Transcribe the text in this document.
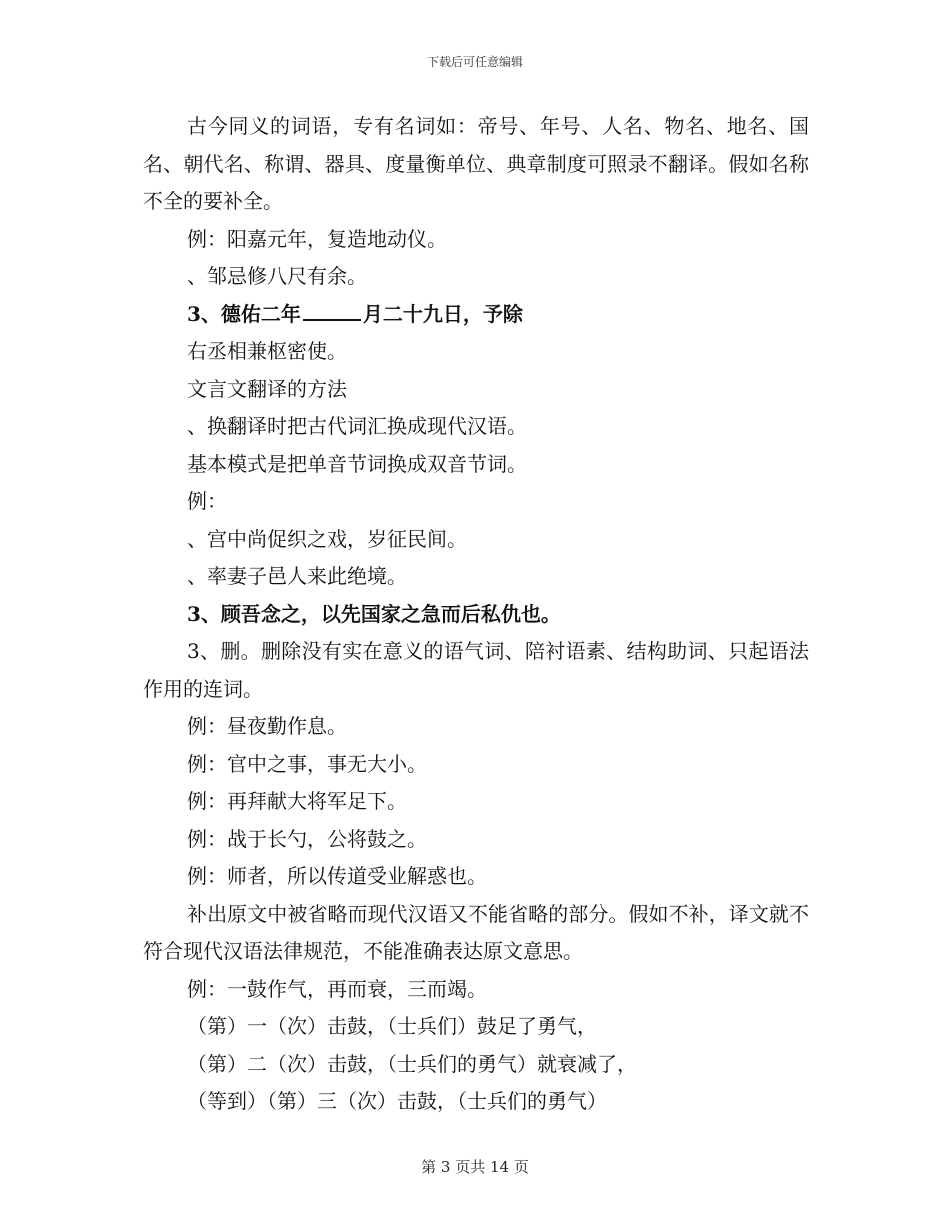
下载后可任意编辑

古今同义的词语，专有名词如：帝号、年号、人名、物名、地名、国名、朝代名、称谓、器具、度量衡单位、典章制度可照录不翻译。假如名称不全的要补全。

例：阳嘉元年，复造地动仪。

、邹忌修八尺有余。

3、德佑二年	月二十九日，予除

右丞相兼枢密使。

文言文翻译的方法

、换翻译时把古代词汇换成现代汉语。

基本模式是把单音节词换成双音节词。

例：

、宫中尚促织之戏，岁征民间。

、率妻子邑人来此绝境。

3、顾吾念之，以先国家之急而后私仇也。

3、删。删除没有实在意义的语气词、陪衬语素、结构助词、只起语法作用的连词。

例：昼夜勤作息。

例：官中之事，事无大小。

例：再拜献大将军足下。

例：战于长勺，公将鼓之。

例：师者，所以传道受业解惑也。

补出原文中被省略而现代汉语又不能省略的部分。假如不补，译文就不符合现代汉语法律规范，不能准确表达原文意思。

例：一鼓作气，再而衰，三而竭。

（第）一（次）击鼓，（士兵们）鼓足了勇气，

（第）二（次）击鼓，（士兵们的勇气）就衰减了，

（等到）（第）三（次）击鼓，（士兵们的勇气）

第 3 页共 14 页
